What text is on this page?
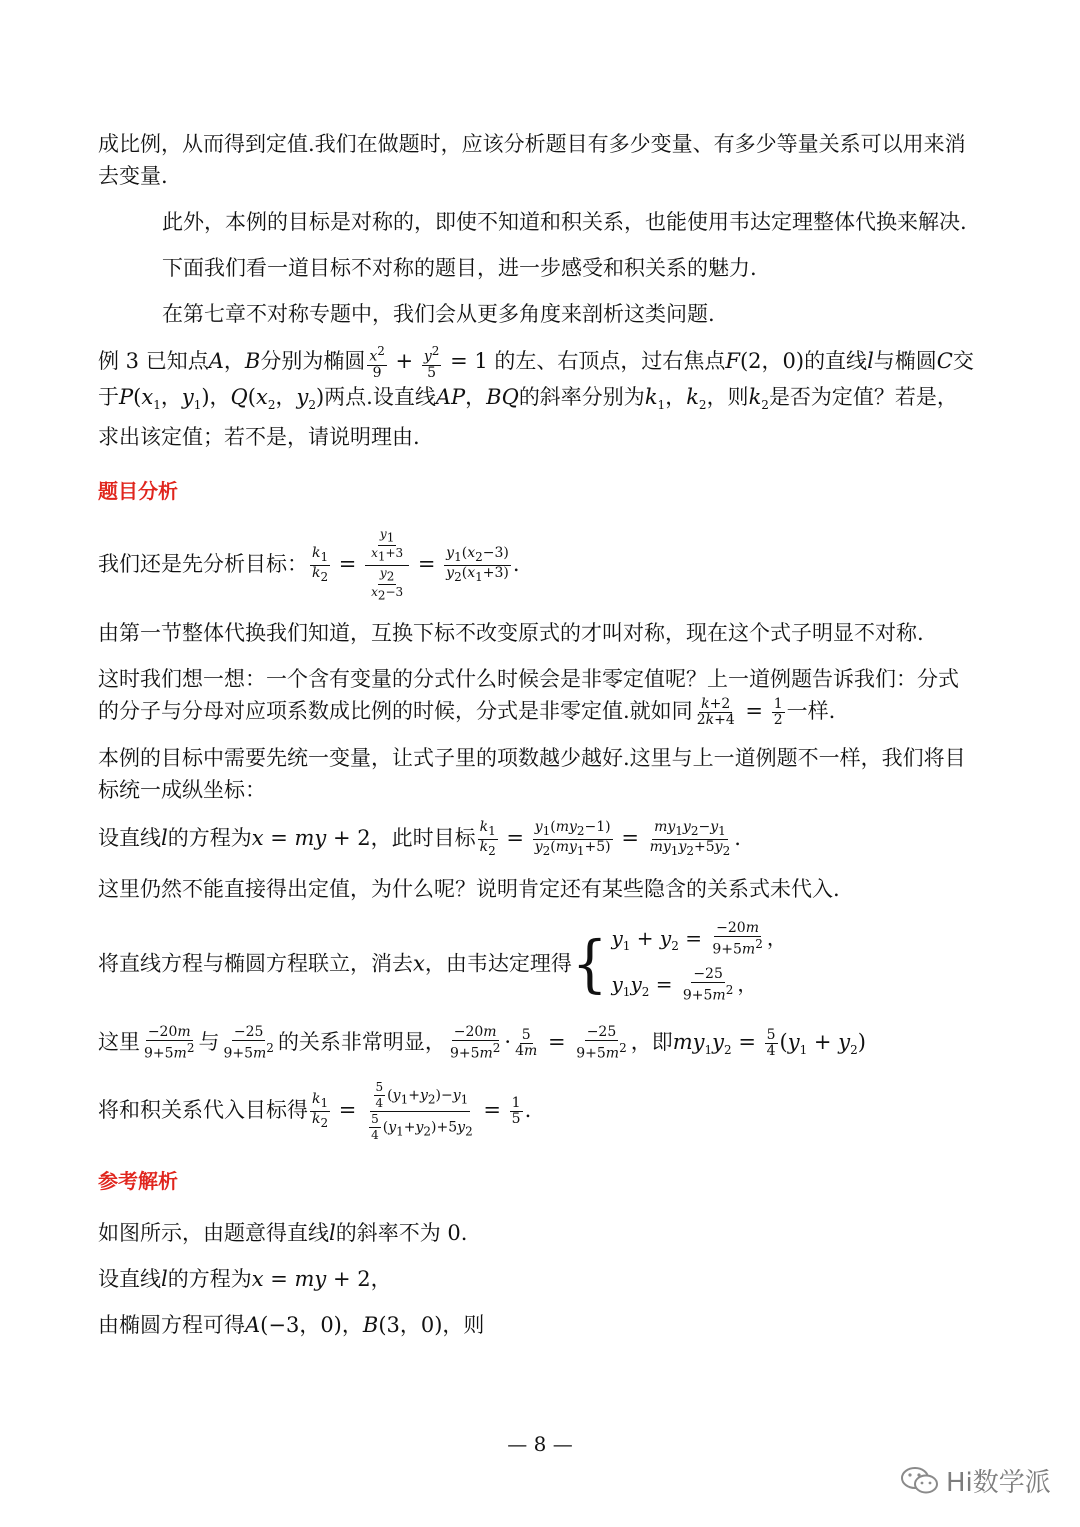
成比例，从而得到定值.我们在做题时，应该分析题目有多少变量、有多少等量关系可以用来消去变量.

此外，本例的目标是对称的，即使不知道和积关系，也能使用韦达定理整体代换来解决.

下面我们看一道目标不对称的题目，进一步感受和积关系的魅力.

在第七章不对称专题中，我们会从更多角度来剖析这类问题.

例 3 已知点A，B分别为椭圆 $\frac{x^2}{9} + \frac{y^2}{5} = 1$ 的左、右顶点，过右焦点F(2，0)的直线l与椭圆C交于$P(x_1$，$y_1$)，$Q(x_2$，$y_2$)两点.设直线AP，BQ的斜率分别为$k_1$，$k_2$，则$k_2$是否为定值？若是，求出该定值；若不是，请说明理由.

题目分析

我们还是先分析目标： $\frac{k_1}{k_2} = \frac{\frac{y_1}{x_1+3}}{\frac{y_2}{x_2-3}} = \frac{y_1(x_2-3)}{y_2(x_1+3)}$ .

由第一节整体代换我们知道，互换下标不改变原式的才叫对称，现在这个式子明显不对称.

这时我们想一想：一个含有变量的分式什么时候会是非零定值呢？上一道例题告诉我们：分式的分子与分母对应项系数成比例的时候，分式是非零定值.就如同 $\frac{k+2}{2k+4} = \frac{1}{2}$ 一样.

本例的目标中需要先统一变量，让式子里的项数越少越好.这里与上一道例题不一样，我们将目标统一成纵坐标：

设直线l的方程为x = my + 2，此时目标 $\frac{k_1}{k_2} = \frac{y_1(my_2-1)}{y_2(my_1+5)} = \frac{my_1y_2-y_1}{my_1y_2+5y_2}$ .

这里仍然不能直接得出定值，为什么呢？说明肯定还有某些隐含的关系式未代入.

将直线方程与椭圆方程联立，消去x，由韦达定理得 { $y_1 + y_2 = \frac{-20m}{9+5m^2}$ ，
$y_1y_2 = \frac{-25}{9+5m^2}$ ，

这里 $\frac{-20m}{9+5m^2}$ 与 $\frac{-25}{9+5m^2}$ 的关系非常明显， $\frac{-20m}{9+5m^2} \cdot \frac{5}{4m} = \frac{-25}{9+5m^2}$ ，即$my_1y_2 = \frac{5}{4} (y_1 + y_2)$

将和积关系代入目标得 $\frac{k_1}{k_2} = \frac{\frac{5}{4} (y_1+y_2)-y_1}{\frac{5}{4} (y_1+y_2)+5y_2} = \frac{1}{5}$ .

参考解析

如图所示，由题意得直线l的斜率不为 0.

设直线l的方程为x = my + 2，

由椭圆方程可得A(−3，0)，B(3，0)，则

— 8 —
Hi数学派
